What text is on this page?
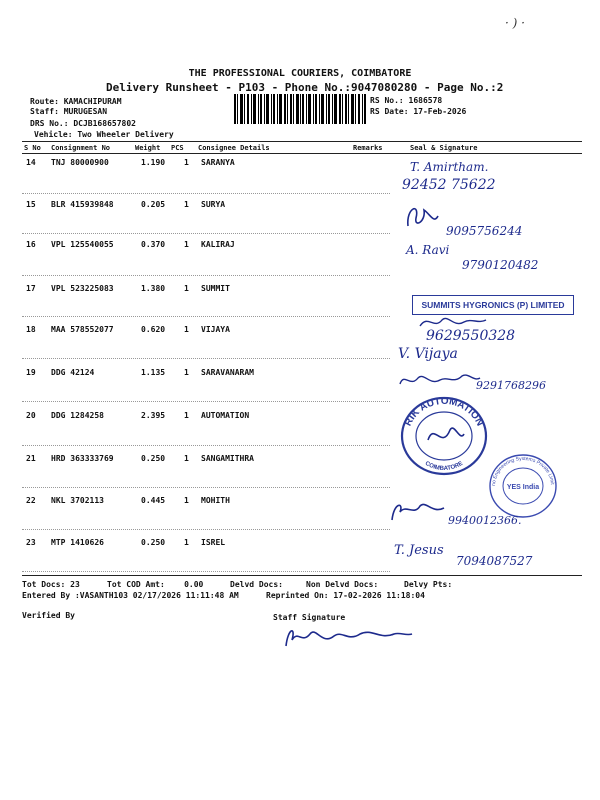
· ) ·
THE PROFESSIONAL COURIERS, COIMBATORE
Delivery Runsheet - P103 - Phone No.:9047080280 - Page No.:2
Route: KAMACHIPURAM
Staff: MURUGESAN
DRS No.: DCJB168657802
Vehicle: Two Wheeler Delivery
RS No.: 1686578
RS Date: 17-Feb-2026
S No Consignment No	Weight PCS Consignee Details	Remarks	Seal & Signature
14 TNJ 80000900	1.190 1 SARANYA
15 BLR 415939848	0.205 1 SURYA
16 VPL 125540055	0.370 1 KALIRAJ
17 VPL 523225083	1.380 1 SUMMIT
18 MAA 578552077	0.620 1 VIJAYA
19 DDG 42124	1.135 1 SARAVANARAM
20 DDG 1284258	2.395 1 AUTOMATION
21 HRD 363333769	0.250 1 SANGAMITHRA
22 NKL 3702113	0.445 1 MOHITH
23 MTP 1410626	0.250 1 ISREL
T. Amirtham.
92452 75622
9095756244
A. Ravi
9790120482
SUMMITS HYGRONICS (P) LIMITED
9629550328
V. Vijaya
9291768296
RIK AUTOMATION
COIMBATORE
no Engineering Systems Private Limit
YES India
9940012366.
T. Jesus
7094087527
Tot Docs: 23	Tot COD Amt:    0.00	Delvd Docs:	Non Delvd Docs:	Delvy Pts:
Entered By :VASANTH103 02/17/2026 11:11:48 AM	Reprinted On: 17-02-2026 11:18:04
Verified By	Staff Signature
